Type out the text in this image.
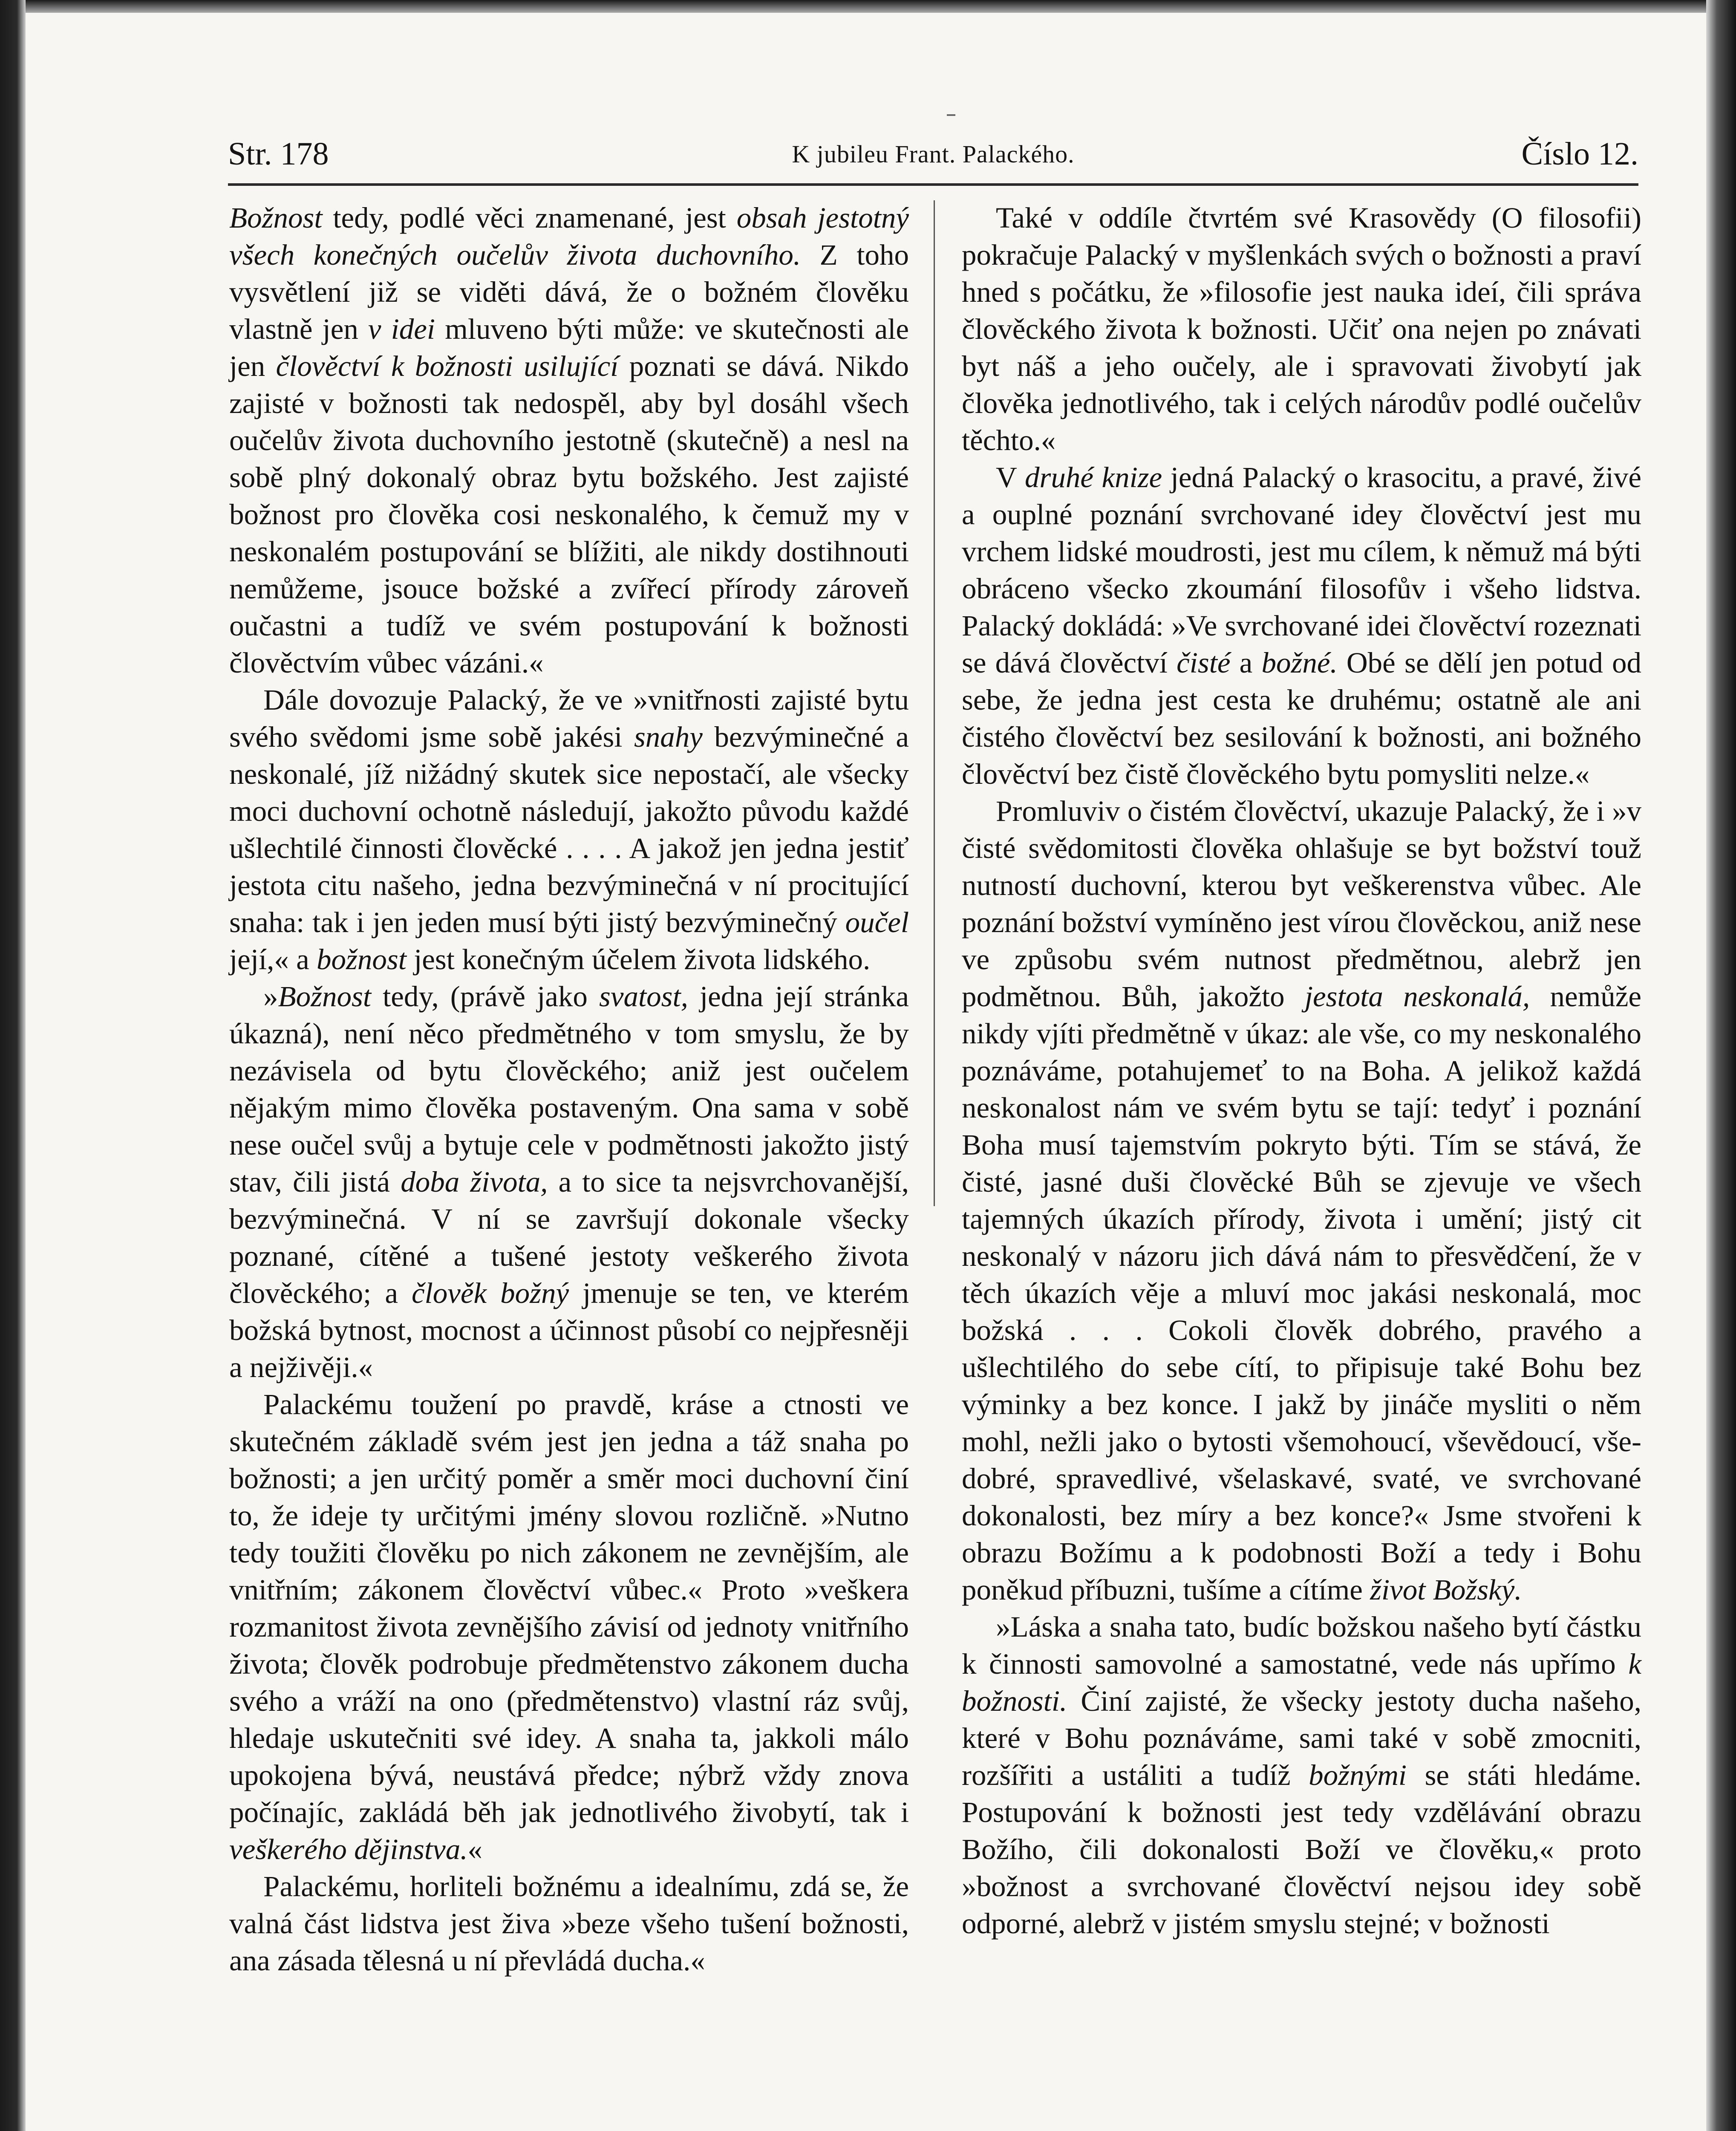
Str. 178	K jubileu Frant. Palackého.	Číslo 12.

Božnost tedy, podlé věci znamenané, jest obsah jestotný všech konečných oučelův života duchovního. Z toho vysvětlení již se viděti dává, že o božném člověku vlastně jen v idei mluveno býti může: ve skutečnosti ale jen člověctví k božnosti usilující poznati se dává. Nikdo zajisté v božnosti tak nedospěl, aby byl dosáhl všech oučelův života duchovního jestotně (skutečně) a nesl na sobě plný dokonalý obraz bytu božského. Jest zajisté božnost pro člověka cosi neskonalého, k čemuž my v neskonalém postupování se blížiti, ale nikdy dostihnouti nemůžeme, jsouce božské a zvířecí přírody zároveň oučastni a tudíž ve svém postupování k božnosti člověctvím vůbec vázáni.«

Dále dovozuje Palacký, že ve »vnitřnosti zajisté bytu svého svědomi jsme sobě jakési snahy bezvýminečné a neskonalé, jíž nižádný skutek sice nepostačí, ale všecky moci duchovní ochotně následují, jakožto původu každé ušlechtilé činnosti člověcké . . . . A jakož jen jedna jestiť jestota citu našeho, jedna bezvýminečná v ní procitující snaha: tak i jen jeden musí býti jistý bezvýminečný oučel její,« a božnost jest konečným účelem života lidského.

»Božnost tedy, (právě jako svatost, jedna její stránka úkazná), není něco předmětného v tom smyslu, že by nezávisela od bytu člověckého; aniž jest oučelem nějakým mimo člověka postaveným. Ona sama v sobě nese oučel svůj a bytuje cele v podmětnosti jakožto jistý stav, čili jistá doba života, a to sice ta nejsvrchovanější, bezvýminečná. V ní se završují dokonale všecky poznané, cítěné a tušené jestoty veškerého života člověckého; a člověk božný jmenuje se ten, ve kterém božská bytnost, mocnost a účinnost působí co nejpřesněji a nejživěji.«

Palackému toužení po pravdě, kráse a ctnosti ve skutečném základě svém jest jen jedna a táž snaha po božnosti; a jen určitý poměr a směr moci duchovní činí to, že ideje ty určitými jmény slovou rozličně. »Nutno tedy toužiti člověku po nich zákonem ne zevnějším, ale vnitřním; zákonem člověctví vůbec.« Proto »veškera rozmanitost života zevnějšího závisí od jednoty vnitřního života; člověk podrobuje předmětenstvo zákonem ducha svého a vráží na ono (předmětenstvo) vlastní ráz svůj, hledaje uskutečniti své idey. A snaha ta, jakkoli málo upokojena bývá, neustává předce; nýbrž vždy znova počínajíc, zakládá běh jak jednotlivého živobytí, tak i veškerého dějinstva.«

Palackému, horliteli božnému a idealnímu, zdá se, že valná část lidstva jest živa »beze všeho tušení božnosti, ana zásada tělesná u ní převládá ducha.«

Také v oddíle čtvrtém své Krasovědy (O filosofii) pokračuje Palacký v myšlenkách svých o božnosti a praví hned s počátku, že »filosofie jest nauka ideí, čili správa člověckého života k božnosti. Učiť ona nejen po znávati byt náš a jeho oučely, ale i spravovati živobytí jak člověka jednotlivého, tak i celých národův podlé oučelův těchto.«

V druhé knize jedná Palacký o krasocitu, a pravé, živé a ouplné poznání svrchované idey člověctví jest mu vrchem lidské moudrosti, jest mu cílem, k němuž má býti obráceno všecko zkoumání filosofův i všeho lidstva. Palacký dokládá: »Ve svrchované idei člověctví rozeznati se dává člověctví čisté a božné. Obé se dělí jen potud od sebe, že jedna jest cesta ke druhému; ostatně ale ani čistého člověctví bez sesilování k božnosti, ani božného člověctví bez čistě člověckého bytu pomysliti nelze.«

Promluviv o čistém člověctví, ukazuje Palacký, že i »v čisté svědomitosti člověka ohlašuje se byt božství touž nutností duchovní, kterou byt veškerenstva vůbec. Ale poznání božství vymíněno jest vírou člověckou, aniž nese ve způsobu svém nutnost předmětnou, alebrž jen podmětnou. Bůh, jakožto jestota neskonalá, nemůže nikdy vjíti předmětně v úkaz: ale vše, co my neskonalého poznáváme, potahujemeť to na Boha. A jelikož každá neskonalost nám ve svém bytu se tají: tedyť i poznání Boha musí tajemstvím pokryto býti. Tím se stává, že čisté, jasné duši člověcké Bůh se zjevuje ve všech tajemných úkazích přírody, života i umění; jistý cit neskonalý v názoru jich dává nám to přesvědčení, že v těch úkazích věje a mluví moc jakási neskonalá, moc božská . . . Cokoli člověk dobrého, pravého a ušlechtilého do sebe cítí, to připisuje také Bohu bez výminky a bez konce. I jakž by jináče mysliti o něm mohl, nežli jako o bytosti všemohoucí, vševědoucí, vše-dobré, spravedlivé, všelaskavé, svaté, ve svrchované dokonalosti, bez míry a bez konce?« Jsme stvořeni k obrazu Božímu a k podobnosti Boží a tedy i Bohu poněkud příbuzni, tušíme a cítíme život Božský.

»Láska a snaha tato, budíc božskou našeho bytí částku k činnosti samovolné a samostatné, vede nás upřímo k božnosti. Činí zajisté, že všecky jestoty ducha našeho, které v Bohu poznáváme, sami také v sobě zmocniti, rozšířiti a ustáliti a tudíž božnými se státi hledáme. Postupování k božnosti jest tedy vzdělávání obrazu Božího, čili dokonalosti Boží ve člověku,« proto »božnost a svrchované člověctví nejsou idey sobě odporné, alebrž v jistém smyslu stejné; v božnosti
